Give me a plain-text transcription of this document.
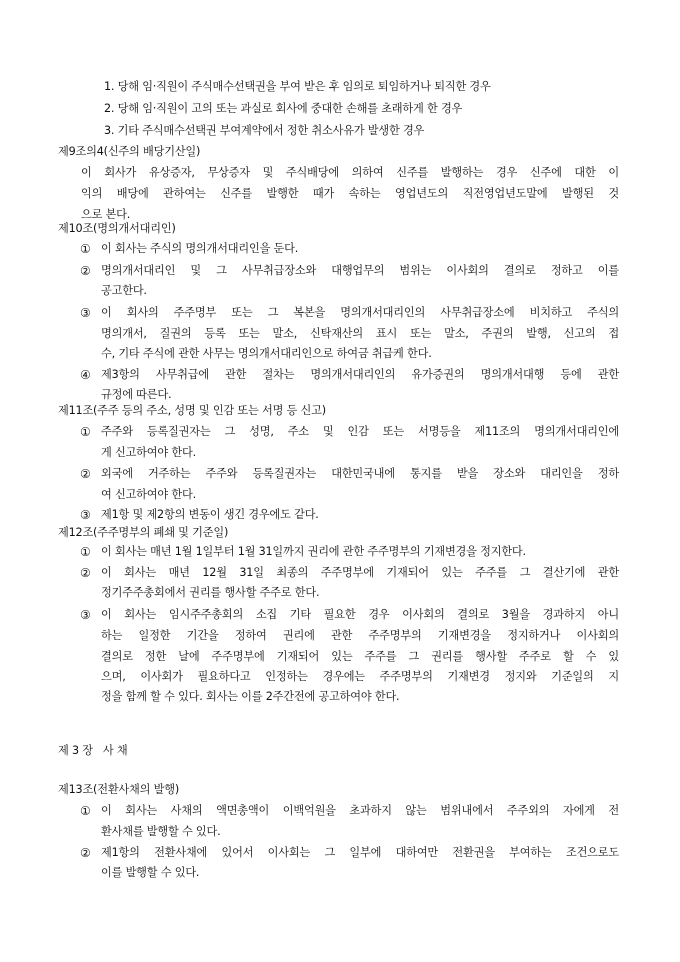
1. 당해 임·직원이 주식매수선택권을 부여 받은 후 임의로 퇴임하거나 퇴직한 경우
2. 당해 임·직원이 고의 또는 과실로 회사에 중대한 손해를 초래하게 한 경우
3. 기타 주식매수선택권 부여계약에서 정한 취소사유가 발생한 경우
제9조의4(신주의 배당기산일)
이 회사가 유상증자, 무상증자 및 주식배당에 의하여 신주를 발행하는 경우 신주에 대한 이
익의 배당에 관하여는 신주를 발행한 때가 속하는 영업년도의 직전영업년도말에 발행된 것
으로 본다.
제10조(명의개서대리인)
① 이 회사는 주식의 명의개서대리인을 둔다.
② 명의개서대리인 및 그 사무취급장소와 대행업무의 범위는 이사회의 결의로 정하고 이를
공고한다.
③ 이 회사의 주주명부 또는 그 복본을 명의개서대리인의 사무취급장소에 비치하고 주식의
명의개서, 질권의 등록 또는 말소, 신탁재산의 표시 또는 말소, 주권의 발행, 신고의 접
수, 기타 주식에 관한 사무는 명의개서대리인으로 하여금 취급케 한다.
④ 제3항의 사무취급에 관한 절차는 명의개서대리인의 유가증권의 명의개서대행 등에 관한
규정에 따른다.
제11조(주주 등의 주소, 성명 및 인감 또는 서명 등 신고)
① 주주와 등록질권자는 그 성명, 주소 및 인감 또는 서명등을 제11조의 명의개서대리인에
게 신고하여야 한다.
② 외국에 거주하는 주주와 등록질권자는 대한민국내에 통지를 받을 장소와 대리인을 정하
여 신고하여야 한다.
③ 제1항 및 제2항의 변동이 생긴 경우에도 같다.
제12조(주주명부의 폐쇄 및 기준일)
① 이 회사는 매년 1월 1일부터 1월 31일까지 권리에 관한 주주명부의 기재변경을 정지한다.
② 이 회사는 매년 12월 31일 최종의 주주명부에 기재되어 있는 주주를 그 결산기에 관한
정기주주총회에서 권리를 행사할 주주로 한다.
③ 이 회사는 임시주주총회의 소집 기타 필요한 경우 이사회의 결의로 3월을 경과하지 아니
하는 일정한 기간을 정하여 권리에 관한 주주명부의 기재변경을 정지하거나 이사회의
결의로 정한 날에 주주명부에 기재되어 있는 주주를 그 권리를 행사할 주주로 할 수 있
으며, 이사회가 필요하다고 인정하는 경우에는 주주명부의 기재변경 정지와 기준일의 지
정을 함께 할 수 있다. 회사는 이를 2주간전에 공고하여야 한다.
제 3 장   사 채
제13조(전환사채의 발행)
① 이 회사는 사채의 액면총액이 이백억원을 초과하지 않는 범위내에서 주주외의 자에게 전
환사채를 발행할 수 있다.
② 제1항의 전환사채에 있어서 이사회는 그 일부에 대하여만 전환권을 부여하는 조건으로도
이를 발행할 수 있다.
